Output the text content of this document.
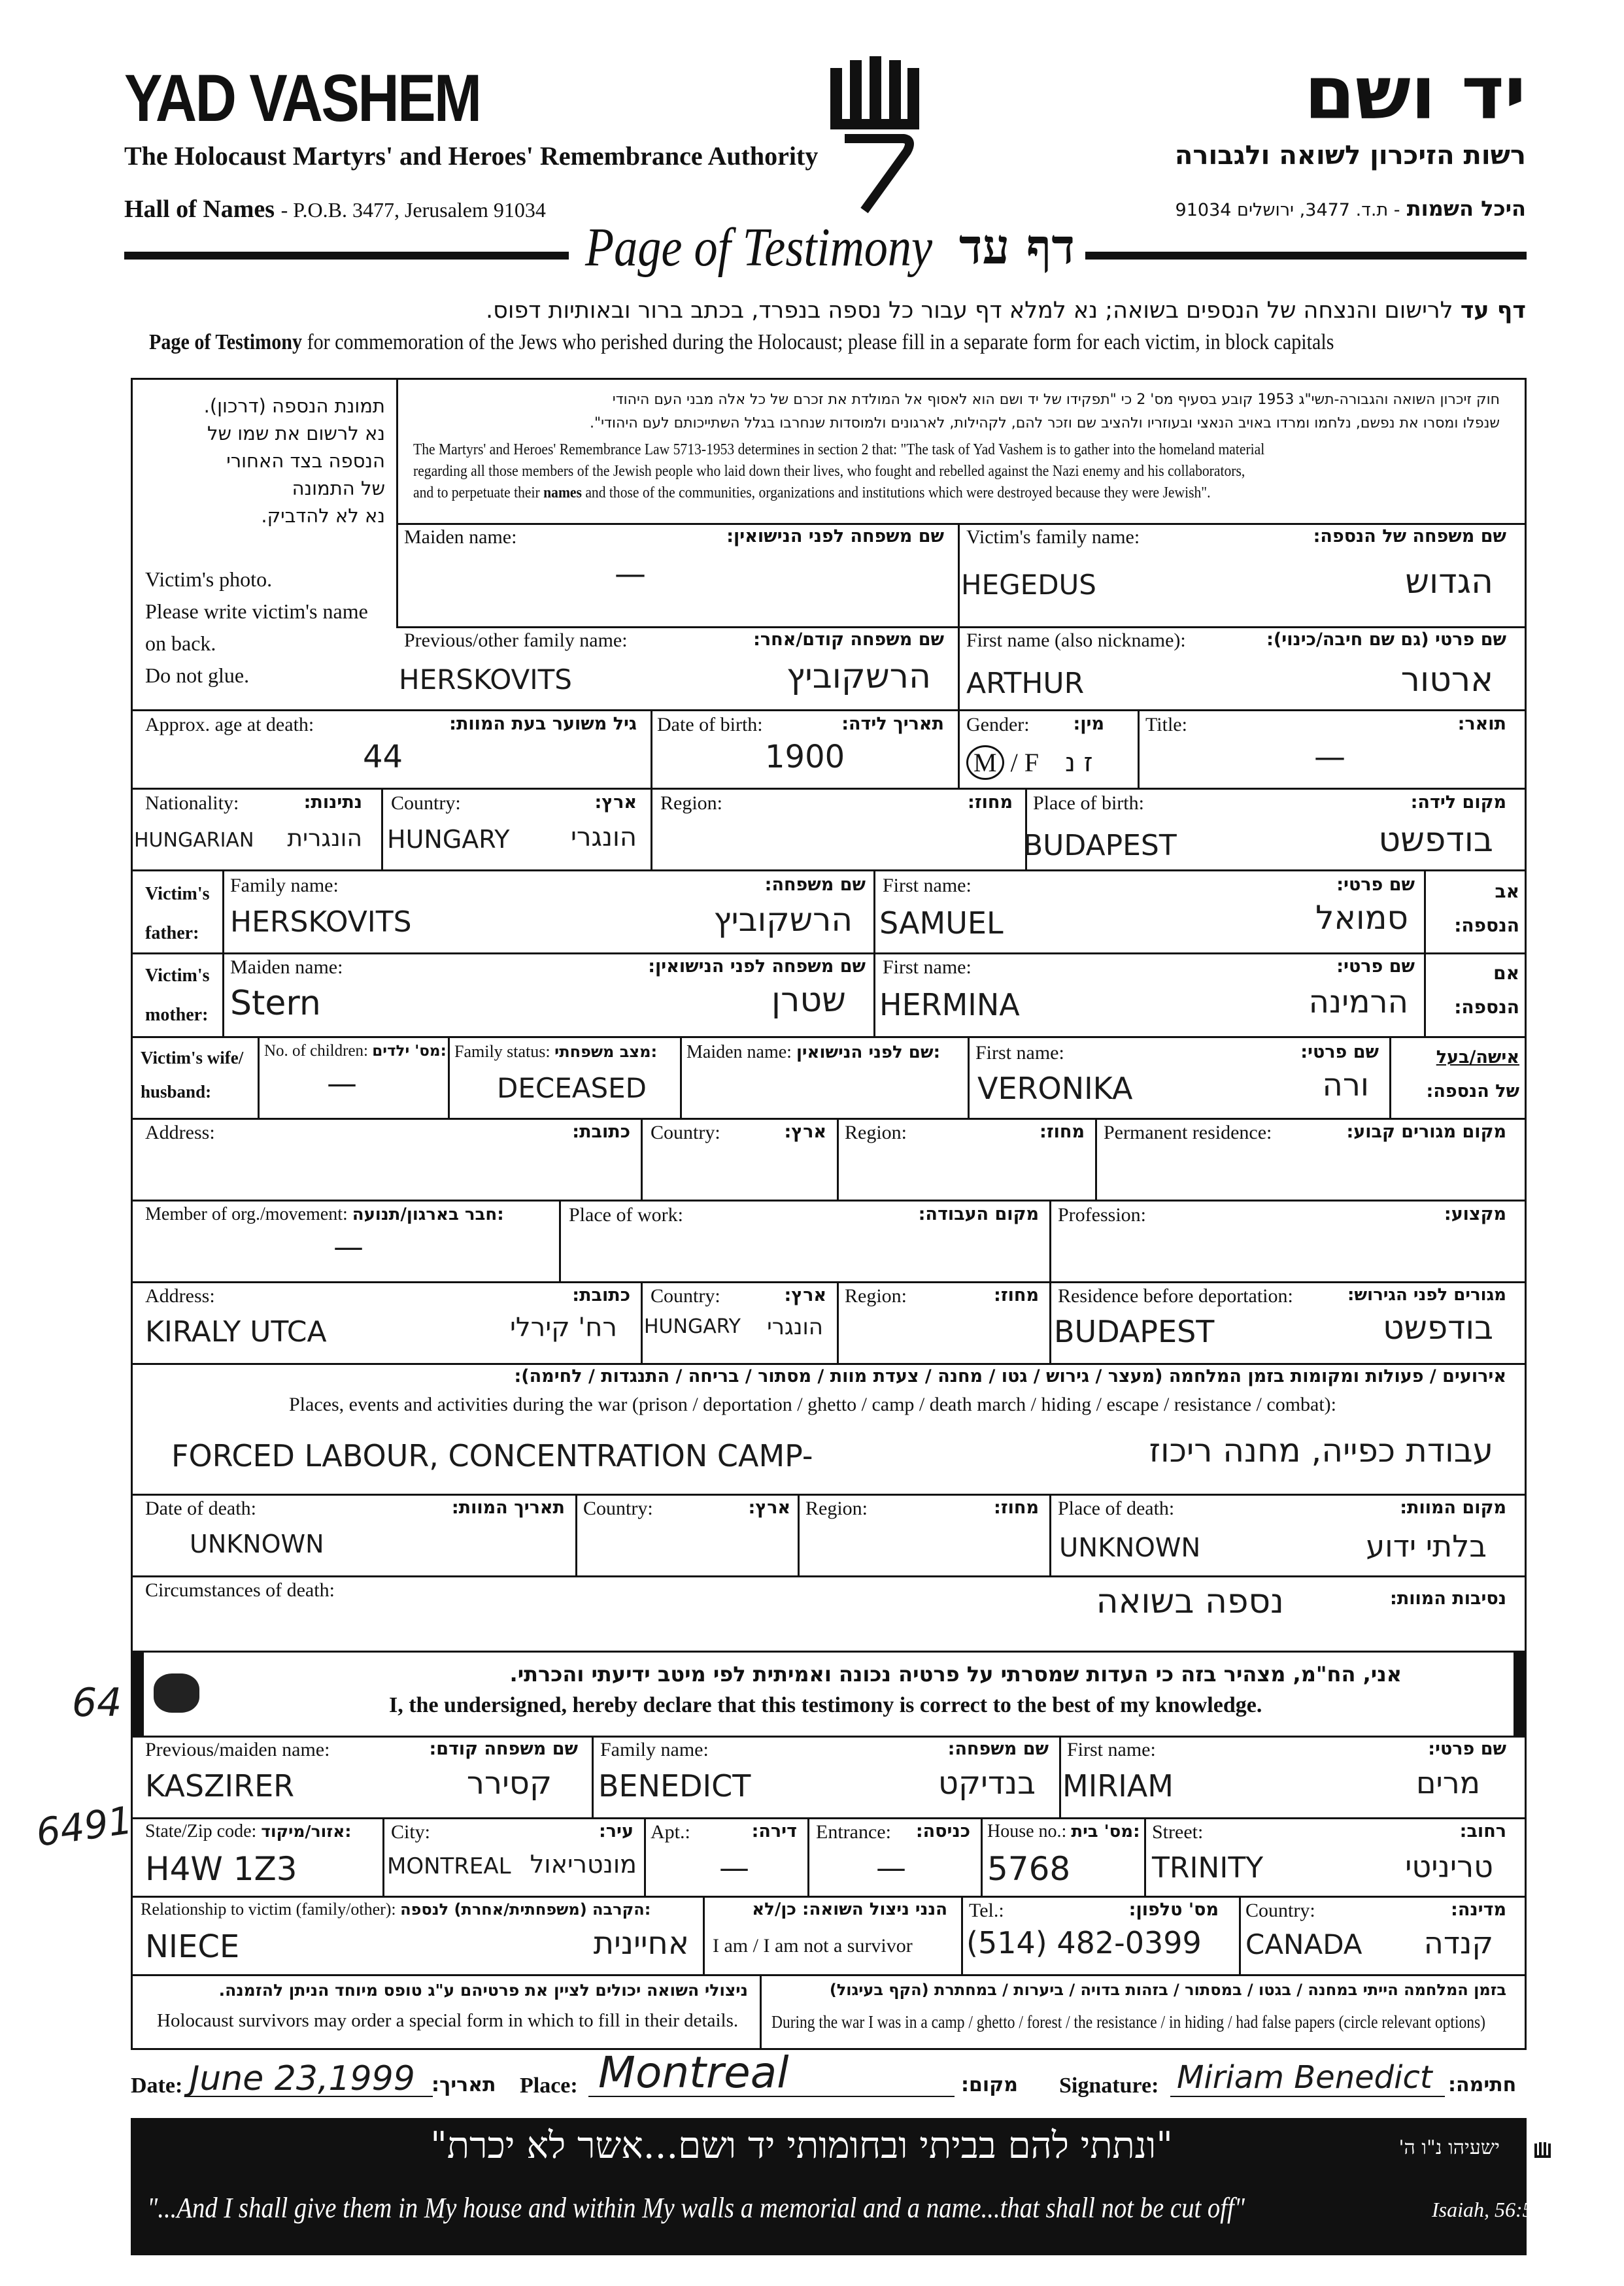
YAD VASHEM
The Holocaust Martyrs' and Heroes' Remembrance Authority
Hall of Names - P.O.B. 3477, Jerusalem 91034
יד ושם
רשות הזיכרון לשואה ולגבורה
היכל השמות - ת.ד. 3477, ירושלים 91034
Page of Testimony דף עד
דף עד לרישום והנצחה של הנספים בשואה; נא למלא דף עבור כל נספה בנפרד, בכתב ברור ובאותיות דפוס.
Page of Testimony for commemoration of the Jews who perished during the Holocaust; please fill in a separate form for each victim, in block capitals
תמונת הנספה (דרכון).
נא לרשום את שמו של
הנספה בצד האחורי
של התמונה
נא לא להדביק.
Victim's photo.
Please write victim's name
on back.
Do not glue.
חוק זיכרון השואה והגבורה-תשי"ג 1953 קובע בסעיף מס' 2 כי "תפקידו של יד ושם הוא לאסוף אל המולדת את זכרם של כל אלה מבני העם היהודי
שנפלו ומסרו את נפשם, נלחמו ומרדו באויב הנאצי ובעוזריו ולהציב שם וזכר להם, לקהילות, לארגונים ולמוסדות שנחרבו בגלל השתייכותם לעם היהודי".
The Martyrs' and Heroes' Remembrance Law 5713-1953 determines in section 2 that: "The task of Yad Vashem is to gather into the homeland material
regarding all those members of the Jewish people who laid down their lives, who fought and rebelled against the Nazi enemy and his collaborators,
and to perpetuate their names and those of the communities, organizations and institutions which were destroyed because they were Jewish".
Maiden name:	שם משפחה לפני הנישואין:
—
Victim's family name:	שם משפחה של הנספה:
HEGEDUS	הגדוש
Previous/other family name:	שם משפחה קודם/אחר:
HERSKOVITS	הרשקוביץ
First name (also nickname):	שם פרטי (גם שם חיבה/כינוי):
ARTHUR	ארטור
Approx. age at death:	גיל משוער בעת המוות:
44
Date of birth:	תאריך לידה:
1900
Gender: מין:
M / F ז נ
Title:	תואר:
—
Nationality:	נתינות:
HUNGARIAN הונגרית
Country:	ארץ:
HUNGARY הונגרי
Region:	מחוז: Place of birth:	מקום לידה:
BUDAPEST	בודפשט
Victim's
father:
Family name:	שם משפחה:
HERSKOVITS	הרשקוביץ
First name:	שם פרטי:
SAMUEL	סמואל
אב
הנספה:
Victim's
mother:
Maiden name:	שם משפחה לפני הנישואין:
Stern	שטרן
First name:	שם פרטי:
HERMINA	הרמינה
אם
הנספה:
Victim's wife/
husband:
No. of children: מס' ילדים:
—
Family status: מצב משפחתי:
DECEASED
Maiden name: שם לפני הנישואין: First name:	שם פרטי:
VERONIKA	ורה
אישה/בעל
של הנספה:
Address:	כתובת: Country:	ארץ: Region:	מחוז: Permanent residence:	מקום מגורים קבוע:
Member of org./movement: חבר בארגון/תנועה:
—
Place of work:	מקום העבודה: Profession:	מקצוע:
Address:	כתובת:
KIRALY UTCA	רח' קירלי
Country:	ארץ:
HUNGARY הונגרי
Region:	מחוז: Residence before deportation:	מגורים לפני הגירוש:
BUDAPEST	בודפשט
אירועים / פעולות ומקומות בזמן המלחמה (מעצר / גירוש / גטו / מחנה / צעדת מוות / מסתור / בריחה / התנגדות / לחימה):
Places, events and activities during the war (prison / deportation / ghetto / camp / death march / hiding / escape / resistance / combat):
FORCED LABOUR, CONCENTRATION CAMP-	עבודת כפייה, מחנה ריכוז
Date of death:	תאריך המוות:
UNKNOWN
Country:	ארץ: Region:	מחוז: Place of death:	מקום המוות:
UNKNOWN	בלתי ידוע
Circumstances of death:	נסיבות המוות:
נספה בשואה
אני, הח"מ, מצהיר בזה כי העדות שמסרתי על פרטיה נכונה ואמיתית לפי מיטב ידיעתי והכרתי.
I, the undersigned, hereby declare that this testimony is correct to the best of my knowledge.
Previous/maiden name:	שם משפחה קודם:
KASZIRER	קסירר
Family name:	שם משפחה:
BENEDICT	בנדיקט
First name:	שם פרטי:
MIRIAM	מרים
State/Zip code: אזור/מיקוד:
H4W 1Z3
City:	עיר:
MONTREAL מונטריאול
Apt.:	דירה:
—
Entrance: כניסה:
—
House no.: מס' בית:
5768
Street:	רחוב:
TRINITY	טריניטי
Relationship to victim (family/other): הקרבה (משפחתית/אחרת) לנספה:
NIECE	אחיינית
הנני ניצול השואה: כן/לא
I am / I am not a survivor
Tel.:	מס' טלפון:
(514) 482-0399
Country:	מדינה:
CANADA קנדה
ניצולי השואה יכולים לציין את פרטיהם ע"ג טופס מיוחד הניתן להזמנה.
Holocaust survivors may order a special form in which to fill in their details.
בזמן המלחמה הייתי במחנה / בגטו / במסתור / בזהות בדויה / ביערות / במחתרת (הקף בעיגול)
During the war I was in a camp / ghetto / forest / the resistance / in hiding / had false papers (circle relevant options)
Date: June 23,1999 תאריך: Place: Montreal	מקום: Signature: Miriam Benedict חתימה:
"ונתתי להם בביתי ובחומותי יד ושם...אשר לא יכרת"	ישעיהו נ"ו ה'
"...And I shall give them in My house and within My walls a memorial and a name...that shall not be cut off"	Isaiah, 56:5
64
6491
